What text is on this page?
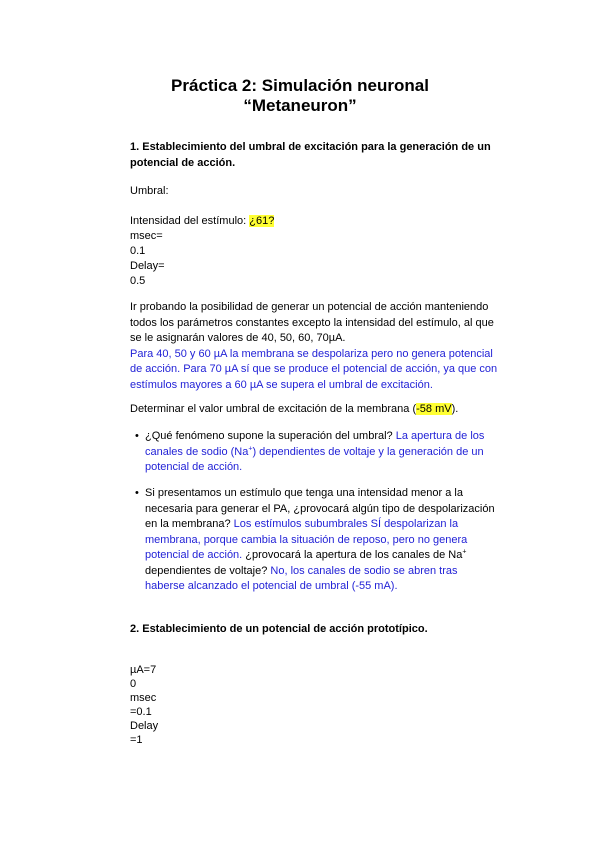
Práctica 2: Simulación neuronal
“Metaneuron”
1. Establecimiento del umbral de excitación para la generación de un
potencial de acción.
Umbral:
Intensidad del estímulo: ¿61?
msec=
0.1
Delay=
0.5
Ir probando la posibilidad de generar un potencial de acción manteniendo
todos los parámetros constantes excepto la intensidad del estímulo, al que
se le asignarán valores de 40, 50, 60, 70µA.
Para 40, 50 y 60 µA la membrana se despolariza pero no genera potencial
de acción. Para 70 µA sí que se produce el potencial de acción, ya que con
estímulos mayores a 60 µA se supera el umbral de excitación.
Determinar el valor umbral de excitación de la membrana (-58 mV).
• ¿Qué fenómeno supone la superación del umbral? La apertura de los
canales de sodio (Na+) dependientes de voltaje y la generación de un
potencial de acción.
• Si presentamos un estímulo que tenga una intensidad menor a la
necesaria para generar el PA, ¿provocará algún tipo de despolarización
en la membrana? Los estímulos subumbrales SÍ despolarizan la
membrana, porque cambia la situación de reposo, pero no genera
potencial de acción. ¿provocará la apertura de los canales de Na+
dependientes de voltaje? No, los canales de sodio se abren tras
haberse alcanzado el potencial de umbral (-55 mA).
2. Establecimiento de un potencial de acción prototípico.
µA=7
0
msec
=0.1
Delay
=1
